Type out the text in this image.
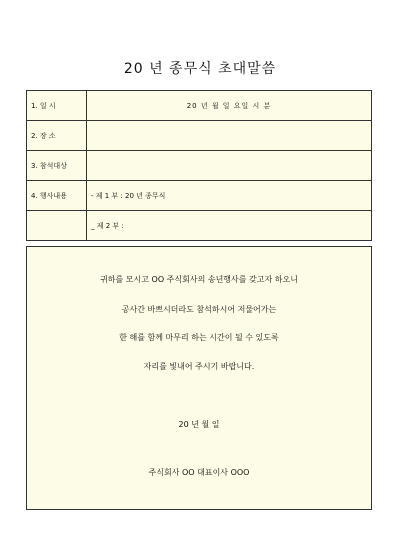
20 년 종무식 초대말씀
1. 일 시	20 년 월 일 요일 시 분
2. 장 소	
3. 참석대상	
4. 행사내용	- 제 1 부 : 20 년 종무식
	_ 제 2 부 :
귀하를 모시고 OO 주식회사의 송년행사를 갖고자 하오니
공사간 바쁘시더라도 참석하시어 저물어가는
한 해를 함께 마무리 하는 시간이 될 수 있도록
자리를 빛내어 주시기 바랍니다.
20 년 월 일
주식회사 OO 대표이사 OOO
